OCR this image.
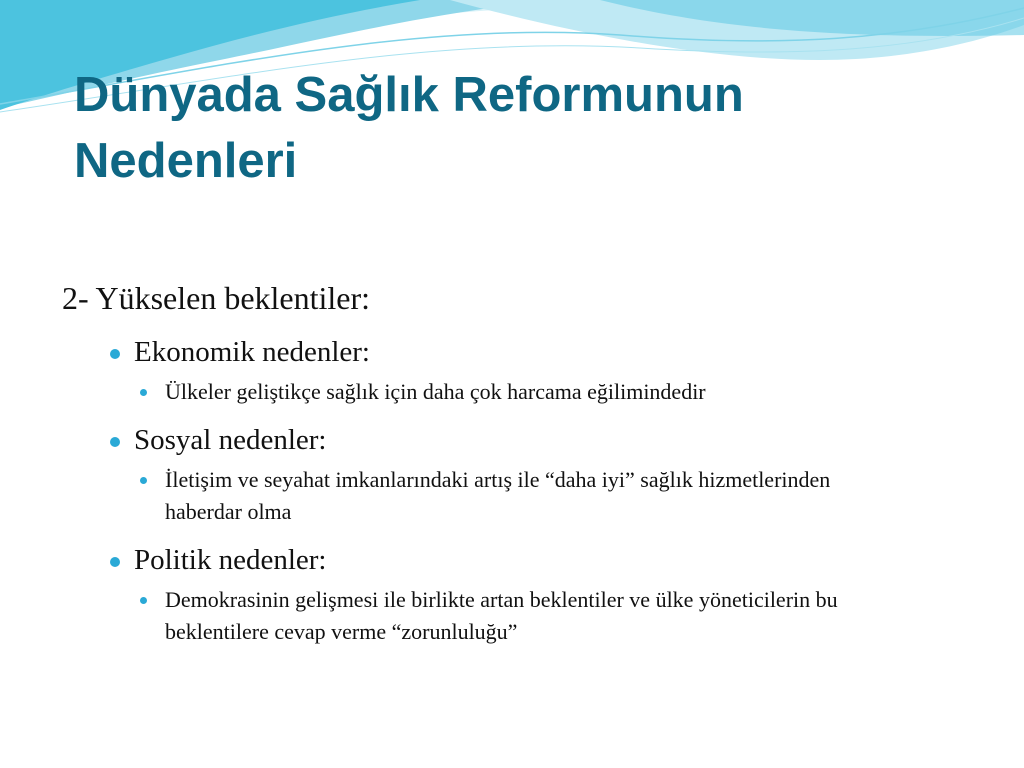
Dünyada Sağlık Reformunun
Nedenleri

2- Yükselen beklentiler:

Ekonomik nedenler:
Ülkeler geliştikçe sağlık için daha çok harcama eğilimindedir
Sosyal nedenler:
İletişim ve seyahat imkanlarındaki artış ile “daha iyi” sağlık hizmetlerinden haberdar olma
Politik nedenler:
Demokrasinin gelişmesi ile birlikte artan beklentiler ve ülke yöneticilerin bu beklentilere cevap verme “zorunluluğu”
